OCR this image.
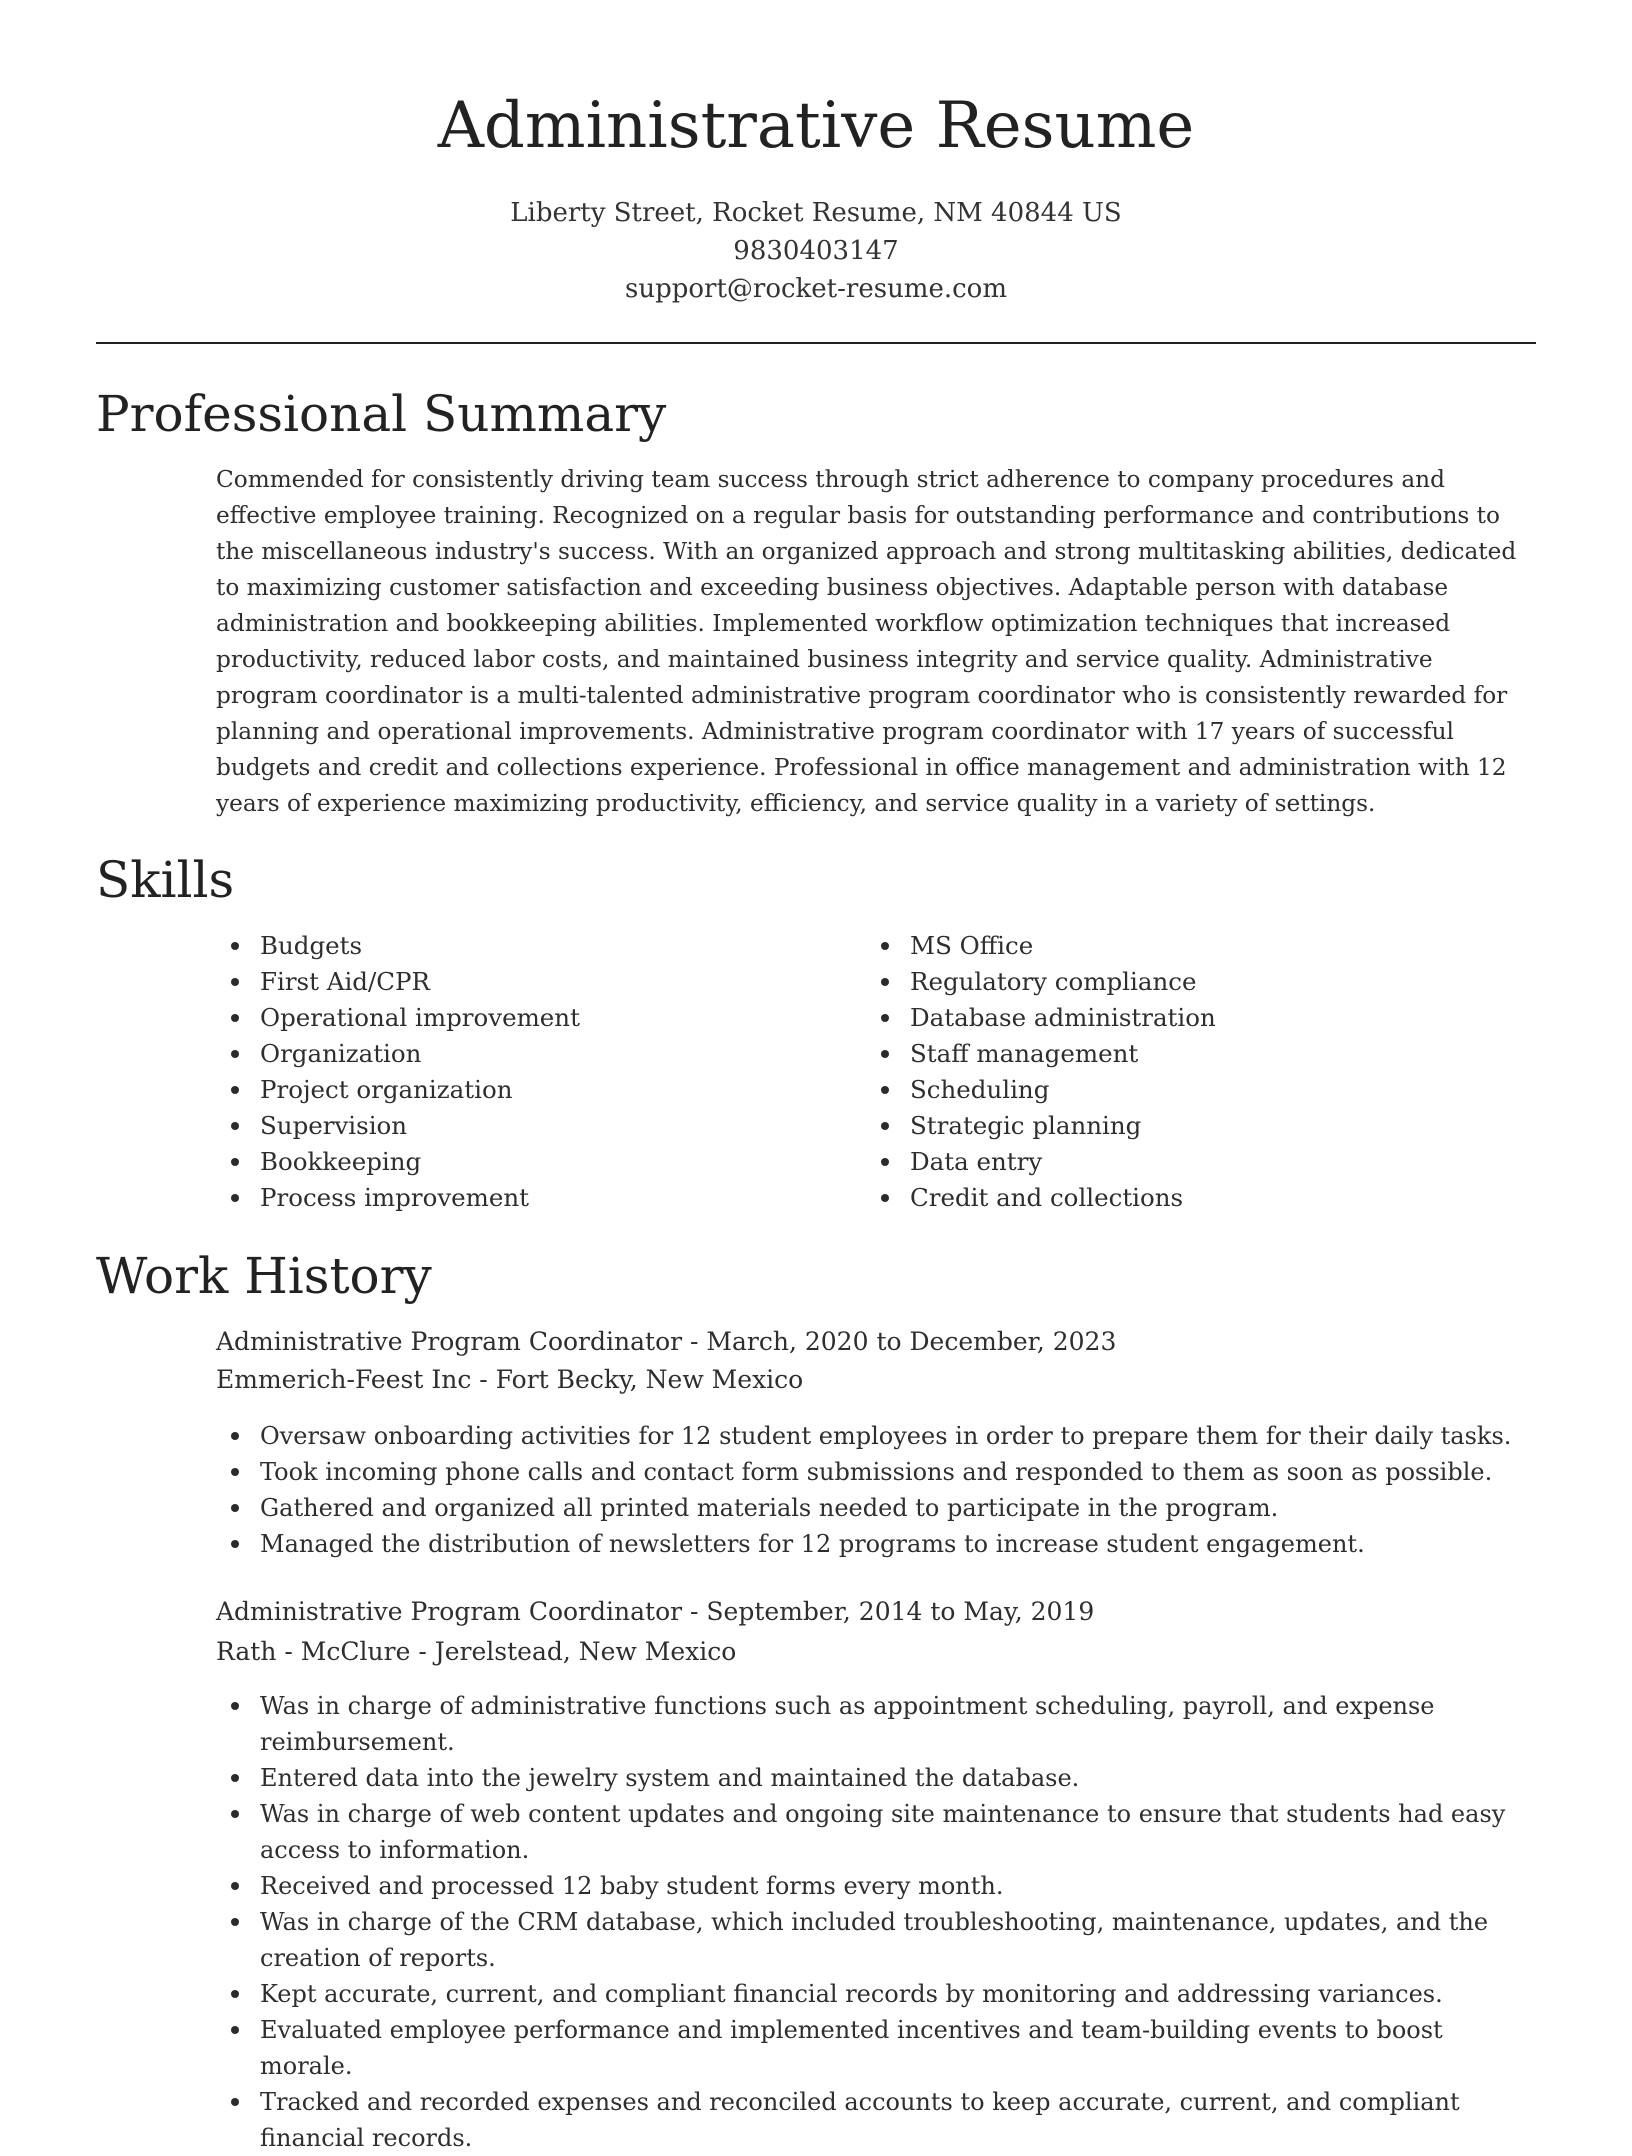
Administrative Resume
Liberty Street, Rocket Resume, NM 40844 US
9830403147
support@rocket-resume.com
Professional Summary

Commended for consistently driving team success through strict adherence to company procedures and effective employee training. Recognized on a regular basis for outstanding performance and contributions to the miscellaneous industry's success. With an organized approach and strong multitasking abilities, dedicated to maximizing customer satisfaction and exceeding business objectives. Adaptable person with database administration and bookkeeping abilities. Implemented workflow optimization techniques that increased productivity, reduced labor costs, and maintained business integrity and service quality. Administrative program coordinator is a multi-talented administrative program coordinator who is consistently rewarded for planning and operational improvements. Administrative program coordinator with 17 years of successful budgets and credit and collections experience. Professional in office management and administration with 12 years of experience maximizing productivity, efficiency, and service quality in a variety of settings.

Skills
Budgets
First Aid/CPR
Operational improvement
Organization
Project organization
Supervision
Bookkeeping
Process improvement
MS Office
Regulatory compliance
Database administration
Staff management
Scheduling
Strategic planning
Data entry
Credit and collections
Work History
Administrative Program Coordinator - March, 2020 to December, 2023
Emmerich-Feest Inc - Fort Becky, New Mexico
Oversaw onboarding activities for 12 student employees in order to prepare them for their daily tasks.
Took incoming phone calls and contact form submissions and responded to them as soon as possible.
Gathered and organized all printed materials needed to participate in the program.
Managed the distribution of newsletters for 12 programs to increase student engagement.
Administrative Program Coordinator - September, 2014 to May, 2019
Rath - McClure - Jerelstead, New Mexico
Was in charge of administrative functions such as appointment scheduling, payroll, and expense reimbursement.
Entered data into the jewelry system and maintained the database.
Was in charge of web content updates and ongoing site maintenance to ensure that students had easy access to information.
Received and processed 12 baby student forms every month.
Was in charge of the CRM database, which included troubleshooting, maintenance, updates, and the creation of reports.
Kept accurate, current, and compliant financial records by monitoring and addressing variances.
Evaluated employee performance and implemented incentives and team-building events to boost morale.
Tracked and recorded expenses and reconciled accounts to keep accurate, current, and compliant financial records.
